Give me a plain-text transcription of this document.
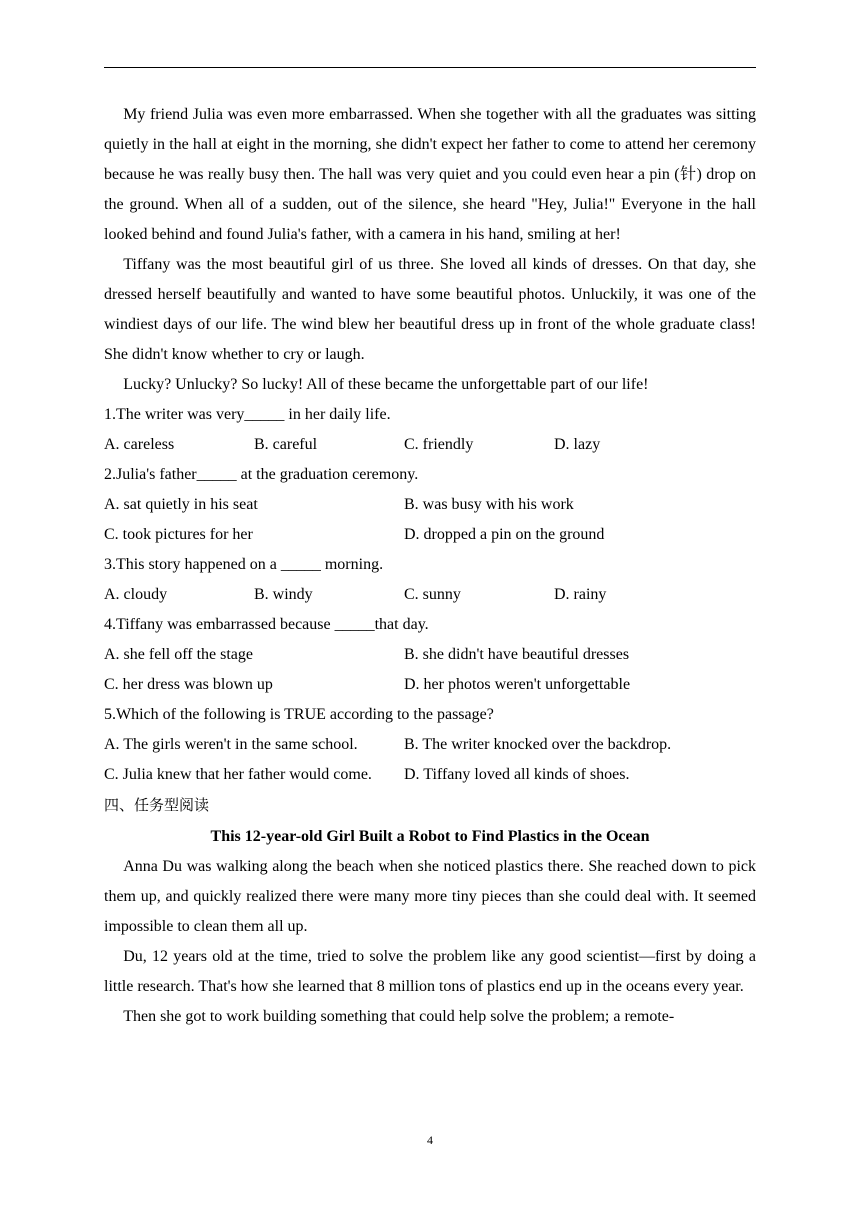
My friend Julia was even more embarrassed. When she together with all the graduates was sitting quietly in the hall at eight in the morning, she didn't expect her father to come to attend her ceremony because he was really busy then. The hall was very quiet and you could even hear a pin (针) drop on the ground. When all of a sudden, out of the silence, she heard "Hey, Julia!" Everyone in the hall looked behind and found Julia's father, with a camera in his hand, smiling at her!

Tiffany was the most beautiful girl of us three. She loved all kinds of dresses. On that day, she dressed herself beautifully and wanted to have some beautiful photos. Unluckily, it was one of the windiest days of our life. The wind blew her beautiful dress up in front of the whole graduate class! She didn't know whether to cry or laugh.

Lucky? Unlucky? So lucky! All of these became the unforgettable part of our life!

1.The writer was very_____ in her daily life.

A. careless	B. careful	C. friendly	D. lazy

2.Julia's father_____ at the graduation ceremony.

A. sat quietly in his seat	B. was busy with his work
C. took pictures for her	D. dropped a pin on the ground

3.This story happened on a _____ morning.

A. cloudy	B. windy	C. sunny	D. rainy

4.Tiffany was embarrassed because _____that day.

A. she fell off the stage	B. she didn't have beautiful dresses
C. her dress was blown up	D. her photos weren't unforgettable

5.Which of the following is TRUE according to the passage?

A. The girls weren't in the same school.	B. The writer knocked over the backdrop.
C. Julia knew that her father would come.	D. Tiffany loved all kinds of shoes.

四、任务型阅读

This 12-year-old Girl Built a Robot to Find Plastics in the Ocean

Anna Du was walking along the beach when she noticed plastics there. She reached down to pick them up, and quickly realized there were many more tiny pieces than she could deal with. It seemed impossible to clean them all up.

Du, 12 years old at the time, tried to solve the problem like any good scientist—first by doing a little research. That's how she learned that 8 million tons of plastics end up in the oceans every year.

Then she got to work building something that could help solve the problem; a remote-

4
